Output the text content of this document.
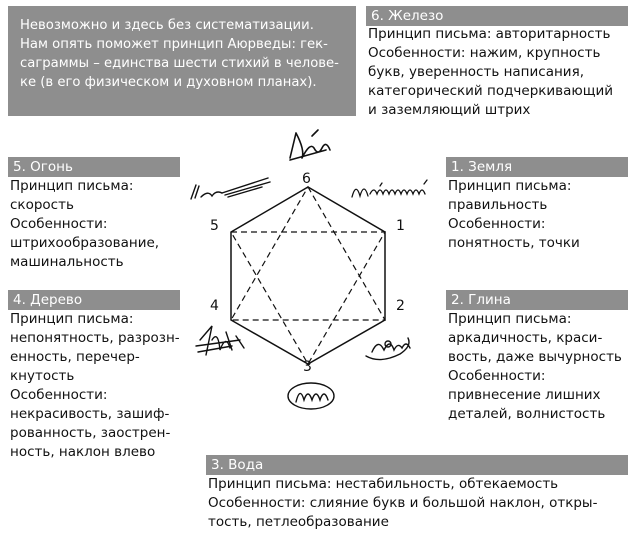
Невозможно и здесь без систематизации.
Нам опять поможет принцип Аюрведы: гек-
саграммы – единства шести стихий в челове-
ке (в его физическом и духовном планах).
6. Железо
Принцип письма: авторитарность
Особенности: нажим, крупность
букв, уверенность написания,
категорический подчеркивающий
и заземляющий штрих
5. Огонь
Принцип письма:
скорость
Особенности:
штрихообразование,
машинальность
1. Земля
Принцип письма:
правильность
Особенности:
понятность, точки
4. Дерево
Принцип письма:
непонятность, разрозн-
енность, перечер-
кнутость
Особенности:
некрасивость, зашиф-
рованность, заострен-
ность, наклон влево
2. Глина
Принцип письма:
аркадичность, краси-
вость, даже вычурность
Особенности:
привнесение лишних
деталей, волнистость
3. Вода
Принцип письма: нестабильность, обтекаемость
Особенности: слияние букв и большой наклон, откры-
тость, петлеобразование
1
2
3
4
5
6
